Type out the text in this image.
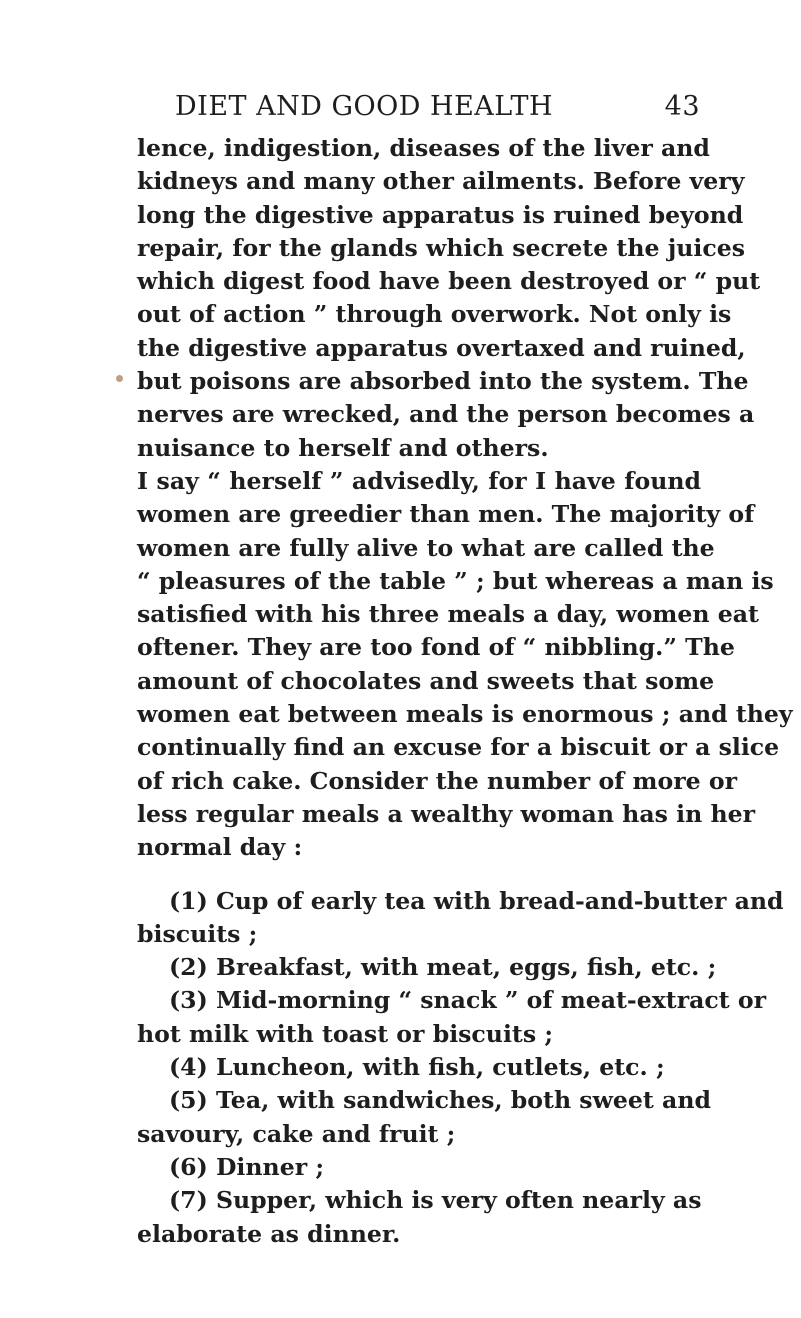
DIET AND GOOD HEALTH	43
lence, indigestion, diseases of the liver and
kidneys and many other ailments. Before very
long the digestive apparatus is ruined beyond
repair, for the glands which secrete the juices
which digest food have been destroyed or “ put
out of action ” through overwork. Not only is
the digestive apparatus overtaxed and ruined,
but poisons are absorbed into the system. The
nerves are wrecked, and the person becomes a
nuisance to herself and others.
I say “ herself ” advisedly, for I have found
women are greedier than men. The majority of
women are fully alive to what are called the
“ pleasures of the table ” ; but whereas a man is
satisfied with his three meals a day, women eat
oftener. They are too fond of “ nibbling.” The
amount of chocolates and sweets that some
women eat between meals is enormous ; and they
continually find an excuse for a biscuit or a slice
of rich cake. Consider the number of more or
less regular meals a wealthy woman has in her
normal day :
(1) Cup of early tea with bread-and-butter and
biscuits ;
(2) Breakfast, with meat, eggs, fish, etc. ;
(3) Mid-morning “ snack ” of meat-extract or
hot milk with toast or biscuits ;
(4) Luncheon, with fish, cutlets, etc. ;
(5) Tea, with sandwiches, both sweet and
savoury, cake and fruit ;
(6) Dinner ;
(7) Supper, which is very often nearly as
elaborate as dinner.
